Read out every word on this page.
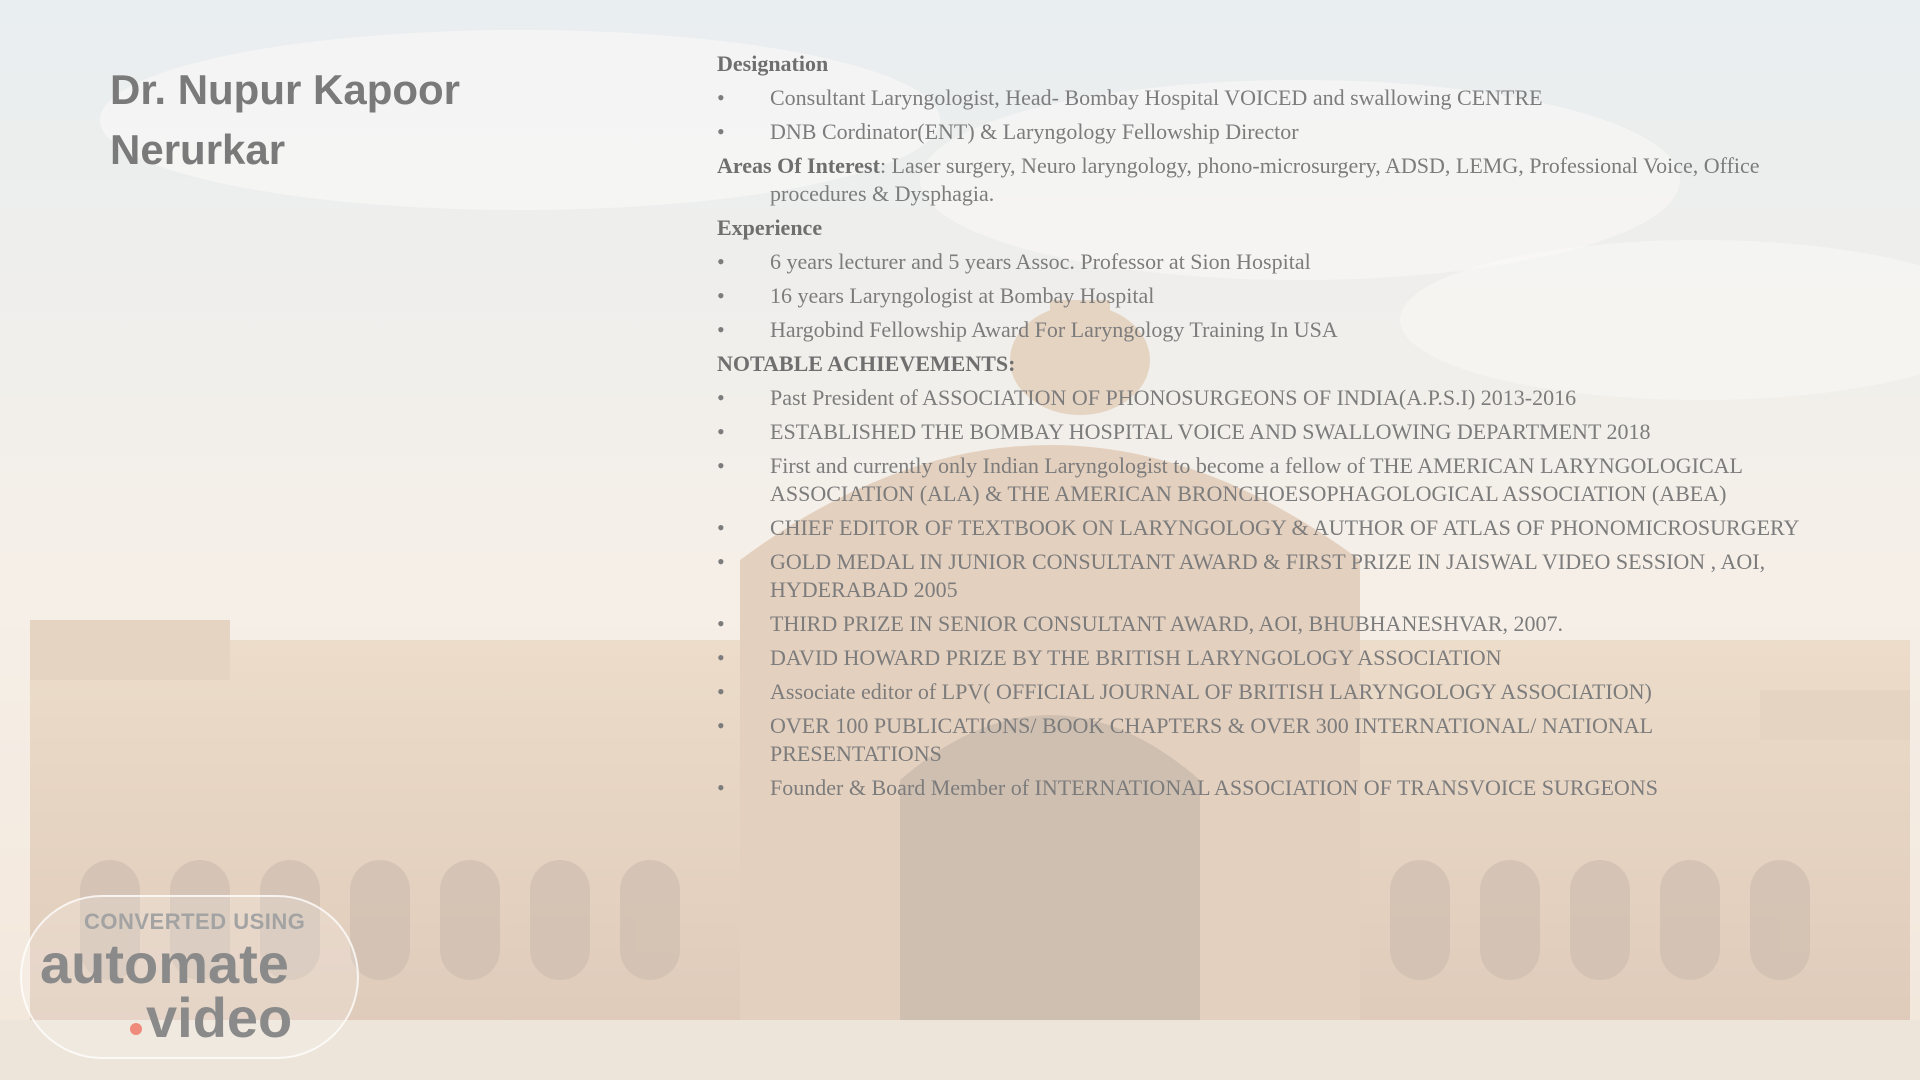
Dr. Nupur Kapoor
Nerurkar
Designation
• Consultant Laryngologist, Head- Bombay Hospital VOICED and swallowing CENTRE
• DNB Cordinator(ENT) & Laryngology Fellowship Director
Areas Of Interest: Laser surgery, Neuro laryngology, phono-microsurgery, ADSD, LEMG, Professional Voice, Office procedures & Dysphagia.
Experience
• 6 years lecturer and 5 years Assoc. Professor at Sion Hospital
• 16 years Laryngologist at Bombay Hospital
• Hargobind Fellowship Award For Laryngology Training In USA
NOTABLE ACHIEVEMENTS:
• Past President of ASSOCIATION OF PHONOSURGEONS OF INDIA(A.P.S.I) 2013-2016
• ESTABLISHED THE BOMBAY HOSPITAL VOICE AND SWALLOWING DEPARTMENT 2018
• First and currently only Indian Laryngologist to become a fellow of THE AMERICAN LARYNGOLOGICAL ASSOCIATION (ALA) & THE AMERICAN BRONCHOESOPHAGOLOGICAL ASSOCIATION (ABEA)
• CHIEF EDITOR OF TEXTBOOK ON LARYNGOLOGY & AUTHOR OF ATLAS OF PHONOMICROSURGERY
• GOLD MEDAL IN JUNIOR CONSULTANT AWARD & FIRST PRIZE IN JAISWAL VIDEO SESSION , AOI, HYDERABAD 2005
• THIRD PRIZE IN SENIOR CONSULTANT AWARD, AOI, BHUBHANESHVAR, 2007.
• DAVID HOWARD PRIZE BY THE BRITISH LARYNGOLOGY ASSOCIATION
• Associate editor of LPV( OFFICIAL JOURNAL OF BRITISH LARYNGOLOGY ASSOCIATION)
• OVER 100 PUBLICATIONS/ BOOK CHAPTERS & OVER 300 INTERNATIONAL/ NATIONAL PRESENTATIONS
• Founder & Board Member of INTERNATIONAL ASSOCIATION OF TRANSVOICE SURGEONS
CONVERTED USING
automate
video
